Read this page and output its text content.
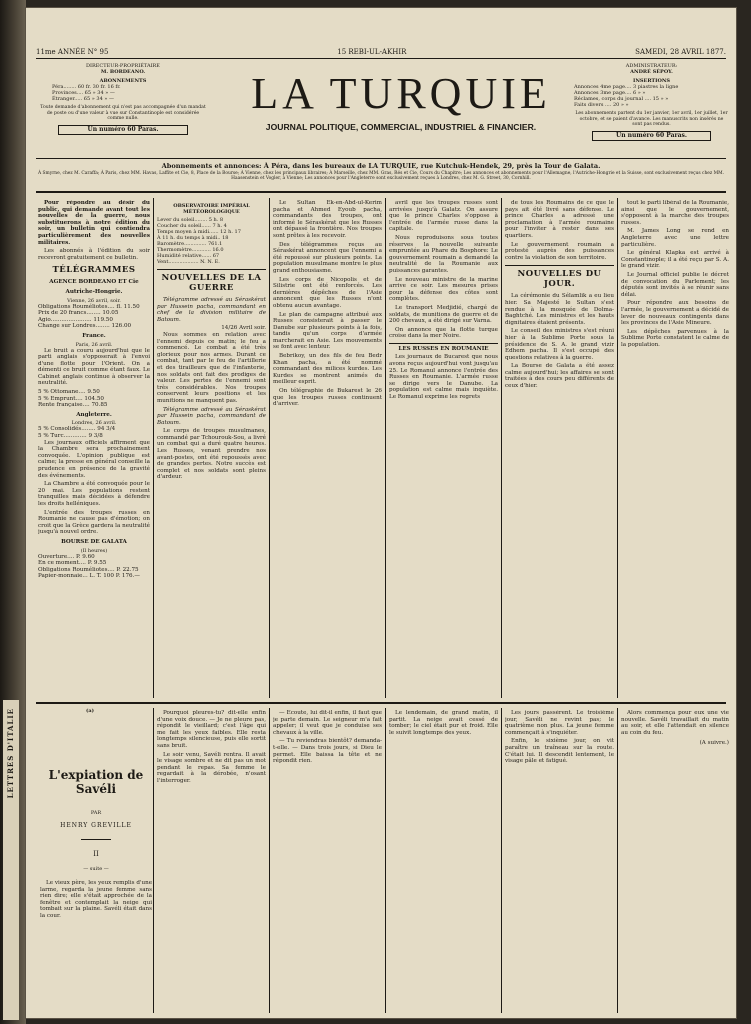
LETTRES D'ITALIE
11me ANNÉE N° 95	15 REBI-UL-AKHIR	SAMEDI, 28 AVRIL 1877.
DIRECTEUR-PROPRIÉTAIRE
M. BORDEANO.
ABONNEMENTS
Péra........ 60 fr. 30 fr. 16 fr.
Provinces.... 65 » 34 » —
Étranger..... 65 » 34 » —
Toute demande d'abonnement qui n'est pas accompagnée d'un mandat de poste ou d'une valeur à vue sur Constantinople est considérée comme nulle.
Un numéro 60 Paras.
LA TURQUIE
JOURNAL POLITIQUE, COMMERCIAL, INDUSTRIEL & FINANCIER.
ADMINISTRATEUR:
ANDRÉ SÉPOY.
INSERTIONS
Annonces 4me page.... 3 piastres la ligne
Annonces 3me page.... 6 » »
Réclames, corps du journal .... 15 » »
Faits divers .... 20 » »
Les abonnements partent du 1er janvier, 1er avril, 1er juillet, 1er octobre, et se paient d'avance. Les manuscrits non insérés ne sont pas rendus.
Un numéro 60 Paras.
Abonnements et annonces: À Péra, dans les bureaux de LA TURQUIE, rue Kutchuk-Hendek, 29, près la Tour de Galata.
À Smyrne, chez M. Caraffa; À Paris, chez MM. Havas, Laffite et Cie, 8, Place de la Bourse; À Vienne, chez les principaux libraires; À Marseille, chez MM. Gras, Rés et Cie, Cours du Chapitre; Les annonces et abonnements pour l'Allemagne, l'Autriche-Hongrie et la Suisse, sont exclusivement reçus chez MM. Haasenstein et Vogler, à Vienne; Les annonces pour l'Angleterre sont exclusivement reçues à Londres, chez M. G. Street, 30, Cornhill.

Pour répondre au désir du public, qui demande avant tout les nouvelles de la guerre, nous substituerons à notre édition du soir, un bulletin qui contiendra particulièrement des nouvelles militaires.

Les abonnés à l'édition du soir recevront gratuitement ce bulletin.

TÉLÉGRAMMES
AGENCE BORDEANO ET Cie
Autriche-Hongrie.
Vienne, 26 avril, soir.
Obligations Rouméliotes.... fl. 11.50
Prix de 20 francs........ 10.05
Agio....................... 119.50
Change sur Londres........ 126.00
France.
Paris, 26 avril.

Le bruit a couru aujourd'hui que le parti anglais s'opposerait à l'envoi d'une flotte pour l'Orient. On a démenti ce bruit comme étant faux. Le Cabinet anglais continue à observer la neutralité.

5 % Ottomane.... 9.50
5 % Emprunt.... 104.50
Rente française.... 70.85
Angleterre.
Londres, 26 avril.
5 % Consolidés........ 94 3/4
5 % Turc............. 9 3/8

Les journaux officiels affirment que la Chambre sera prochainement convoquée. L'opinion publique est calme; la presse en général conseille la prudence en présence de la gravité des événements.

La Chambre a été convoquée pour le 20 mai. Les populations restent tranquilles mais décidées à défendre les droits helléniques.

L'entrée des troupes russes en Roumanie ne cause pas d'émotion; on croit que la Grèce gardera la neutralité jusqu'à nouvel ordre.

BOURSE DE GALATA
(Il heures)
Ouverture.... P. 9.60
En ce moment.... P. 9.55
Obligations Rouméliotes.... P. 22.75
Papier-monnaie... L. T. 100 P. 176.—
OBSERVATOIRE IMPÉRIAL MÉTÉOROLOGIQUE
Lever du soleil........ 5 h. 8
Coucher du soleil...... 7 h. 4
Temps moyen à midi...... 12 h. 17
À 11 h. du temps à midi.. 18
Baromètre.............. 761.1
Thermomètre............ 16.0
Humidité relative...... 67
Vent................... N. N. E.
NOUVELLES DE LA GUERRE

Télégramme adressé au Séraskérat par Hussein pacha, commandant en chef de la division militaire de Batoum.

14/26 Avril soir.

Nous sommes en relation avec l'ennemi depuis ce matin; le feu a commencé. Le combat a été très glorieux pour nos armes. Durant ce combat, tant par le feu de l'artillerie et des tirailleurs que de l'infanterie, nos soldats ont fait des prodiges de valeur. Les pertes de l'ennemi sont très considérables. Nos troupes conservent leurs positions et les munitions ne manquent pas.

Télégramme adressé au Séraskérat par Hussein pacha, commandant de Batoum.

Le corps de troupes musulmanes, commandé par Tchourouk-Sou, a livré un combat qui a duré quatre heures. Les Russes, venant prendre nos avant-postes, ont été repoussés avec de grandes pertes. Notre succès est complet et nos soldats sont pleins d'ardeur.

Le Sultan Ek-en-Abd-ul-Kerim pacha et Ahmed Eyoub pacha, commandants des troupes, ont informé le Séraskérat que les Russes ont dépassé la frontière. Nos troupes sont prêtes à les recevoir.

Des télégrammes reçus au Séraskérat annoncent que l'ennemi a été repoussé sur plusieurs points. La population musulmane montre le plus grand enthousiasme.

Les corps de Nicopolis et de Silistrie ont été renforcés. Les dernières dépêches de l'Asie annoncent que les Russes n'ont obtenu aucun avantage.

Le plan de campagne attribué aux Russes consisterait à passer le Danube sur plusieurs points à la fois, tandis qu'un corps d'armée marcherait en Asie. Les mouvements se font avec lenteur.

Bebrikoy, un des fils de feu Bedr Khan pacha, a été nommé commandant des milices kurdes. Les Kurdes se montrent animés du meilleur esprit.

On télégraphie de Bukarest le 26 que les troupes russes continuent d'arriver.

avril que les troupes russes sont arrivées jusqu'à Galatz. On assure que le prince Charles s'oppose à l'entrée de l'armée russe dans la capitale.

Nous reproduisons sous toutes réserves la nouvelle suivante empruntée au Phare du Bosphore: Le gouvernement roumain a demandé la neutralité de la Roumanie aux puissances garantes.

Le nouveau ministre de la marine arrive ce soir. Les mesures prises pour la défense des côtes sont complètes.

Le transport Medjidié, chargé de soldats, de munitions de guerre et de 200 chevaux, a été dirigé sur Varna.

On annonce que la flotte turque croise dans la mer Noire.

LES RUSSES EN ROUMANIE

Les journaux de Bucarest que nous avons reçus aujourd'hui vont jusqu'au 25. Le Romanul annonce l'entrée des Russes en Roumanie. L'armée russe se dirige vers le Danube. La population est calme mais inquiète. Le Romanul exprime les regrets

de tous les Roumains de ce que le pays ait été livré sans défense. Le prince Charles a adressé une proclamation à l'armée roumaine pour l'inviter à rester dans ses quartiers.

Le gouvernement roumain a protesté auprès des puissances contre la violation de son territoire.

NOUVELLES DU JOUR.

La cérémonie du Sélamlik a eu lieu hier. Sa Majesté le Sultan s'est rendue à la mosquée de Dolma-Baghtché. Les ministres et les hauts dignitaires étaient présents.

Le conseil des ministres s'est réuni hier à la Sublime Porte sous la présidence de S. A. le grand vizir Edhem pacha. Il s'est occupé des questions relatives à la guerre.

La Bourse de Galata a été assez calme aujourd'hui; les affaires se sont traitées à des cours peu différents de ceux d'hier.

tout le parti libéral de la Roumanie, ainsi que le gouvernement, s'opposent à la marche des troupes russes.

M. James Long se rend en Angleterre avec une lettre particulière.

Le général Klapka est arrivé à Constantinople; il a été reçu par S. A. le grand vizir.

Le Journal officiel publie le décret de convocation du Parlement; les députés sont invités à se réunir sans délai.

Pour répondre aux besoins de l'armée, le gouvernement a décidé de lever de nouveaux contingents dans les provinces de l'Asie Mineure.

Les dépêches parvenues à la Sublime Porte constatent le calme de la population.

(a)
L'expiation de Savéli
PAR
HENRY GREVILLE
II
— suite —

Le vieux père, les yeux remplis d'une larme, regarda la jeune femme sans rien dire; elle s'était approchée de la fenêtre et contemplait la neige qui tombait sur la plaine. Savéli était dans la cour.

Pourquoi pleures-tu? dit-elle enfin d'une voix douce. — Je ne pleure pas, répondit le vieillard; c'est l'âge qui me fait les yeux faibles. Elle resta longtemps silencieuse, puis elle sortit sans bruit.

Le soir venu, Savéli rentra. Il avait le visage sombre et ne dit pas un mot pendant le repas. Sa femme le regardait à la dérobée, n'osant l'interroger.

— Écoute, lui dit-il enfin, il faut que je parte demain. Le seigneur m'a fait appeler; il veut que je conduise ses chevaux à la ville.

— Tu reviendras bientôt? demanda-t-elle. — Dans trois jours, si Dieu le permet. Elle baissa la tête et ne répondit rien.

Le lendemain, de grand matin, il partit. La neige avait cessé de tomber; le ciel était pur et froid. Elle le suivit longtemps des yeux.

Les jours passèrent. Le troisième jour, Savéli ne revint pas; le quatrième non plus. La jeune femme commençait à s'inquiéter.

Enfin, le sixième jour, on vit paraître un traîneau sur la route. C'était lui. Il descendit lentement, le visage pâle et fatigué.

Alors commença pour eux une vie nouvelle. Savéli travaillait du matin au soir, et elle l'attendait en silence au coin du feu.

(A suivre.)
